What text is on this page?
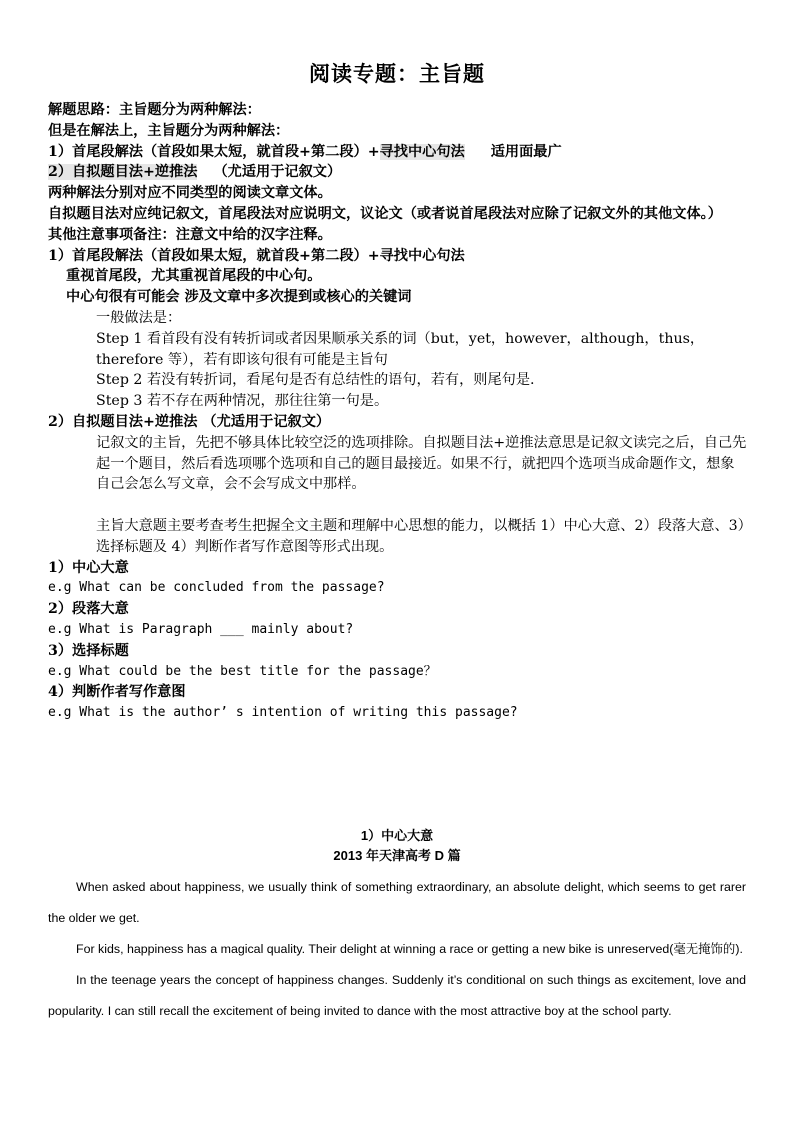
阅读专题：主旨题
解题思路：主旨题分为两种解法：
但是在解法上，主旨题分为两种解法：
1）首尾段解法（首段如果太短，就首段+第二段）+寻找中心句法 适用面最广
2）自拟题目法+逆推法 （尤适用于记叙文）
两种解法分别对应不同类型的阅读文章文体。
自拟题目法对应纯记叙文，首尾段法对应说明文，议论文（或者说首尾段法对应除了记叙文外的其他文体。）
其他注意事项备注：注意文中给的汉字注释。
1）首尾段解法（首段如果太短，就首段+第二段）+寻找中心句法
重视首尾段，尤其重视首尾段的中心句。
中心句很有可能会 涉及文章中多次提到或核心的关键词
一般做法是：
Step 1 看首段有没有转折词或者因果顺承关系的词（but，yet，however，although，thus，
therefore 等），若有即该句很有可能是主旨句
Step 2 若没有转折词，看尾句是否有总结性的语句，若有，则尾句是.
Step 3 若不存在两种情况，那往往第一句是。
2）自拟题目法+逆推法 （尤适用于记叙文）
记叙文的主旨，先把不够具体比较空泛的选项排除。自拟题目法+逆推法意思是记叙文读完之后，自己先起一个题目，然后看选项哪个选项和自己的题目最接近。如果不行，就把四个选项当成命题作文，想象自己会怎么写文章，会不会写成文中那样。
主旨大意题主要考查考生把握全文主题和理解中心思想的能力，以概括 1）中心大意、2）段落大意、3）选择标题及 4）判断作者写作意图等形式出现。
1）中心大意
e.g What can be concluded from the passage?
2）段落大意
e.g What is Paragraph ___ mainly about?
3）选择标题
e.g What could be the best title for the passage？
4）判断作者写作意图
e.g What is the author’ s intention of writing this passage?
1）中心大意
2013 年天津高考 D 篇

When asked about happiness, we usually think of something extraordinary, an absolute delight, which seems to get rarer the older we get.

For kids, happiness has a magical quality. Their delight at winning a race or getting a new bike is unreserved(毫无掩饰的).

In the teenage years the concept of happiness changes. Suddenly it’s conditional on such things as excitement, love and popularity. I can still recall the excitement of being invited to dance with the most attractive boy at the school party.
